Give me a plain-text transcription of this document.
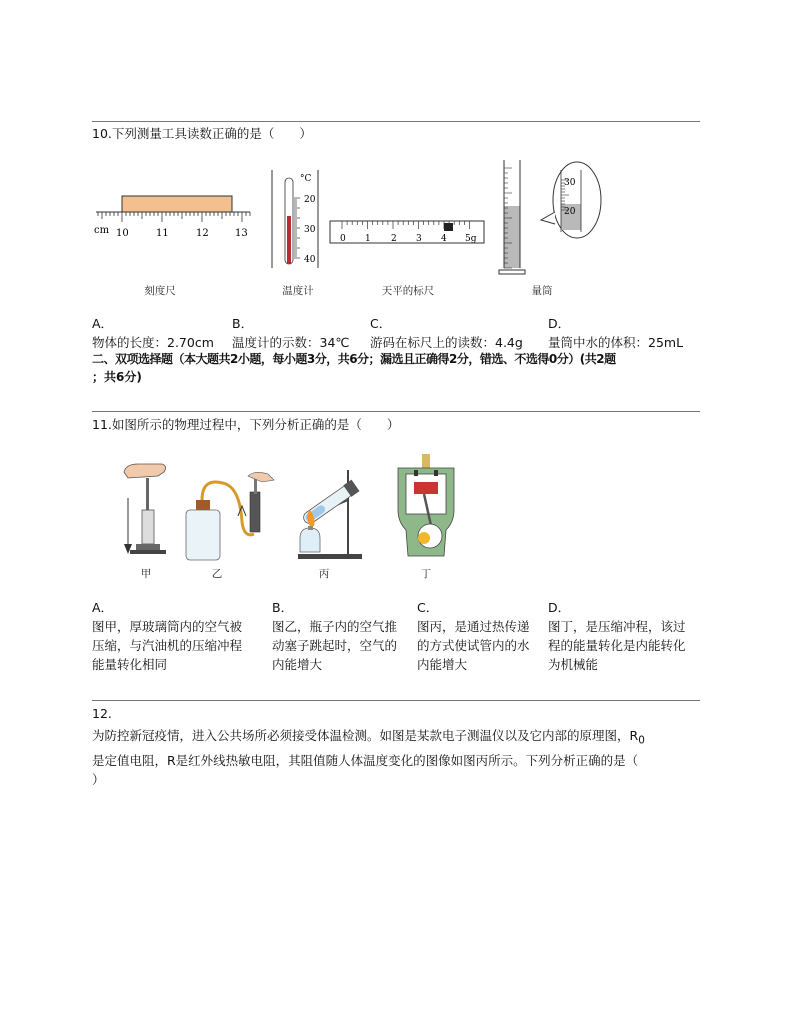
10.下列测量工具读数正确的是（　　）
cm 10	11	12	13
刻度尺
°C
20
30
40
温度计
0 1 2 3 4 5g
天平的标尺
30
20
量筒
A．
物体的长度：2.70cm
B．
温度计的示数：34℃
C．
游码在标尺上的读数：4.4g
D．
量筒中水的体积：25mL
二、双项选择题（本大题共2小题，每小题3分，共6分；漏选且正确得2分，错选、不选得0分）(共2题
；共6分)
11.如图所示的物理过程中，下列分析正确的是（　　）
甲	乙	丙	丁
A．
图甲，厚玻璃筒内的空气被
压缩，与汽油机的压缩冲程
能量转化相同
B．
图乙，瓶子内的空气推
动塞子跳起时，空气的
内能增大
C．
图丙，是通过热传递
的方式使试管内的水
内能增大
D．
图丁，是压缩冲程，该过
程的能量转化是内能转化
为机械能
12.
为防控新冠疫情，进入公共场所必须接受体温检测。如图是某款电子测温仪以及它内部的原理图，$R_0$
是定值电阻，R是红外线热敏电阻，其阻值随人体温度变化的图像如图丙所示。下列分析正确的是（
）
